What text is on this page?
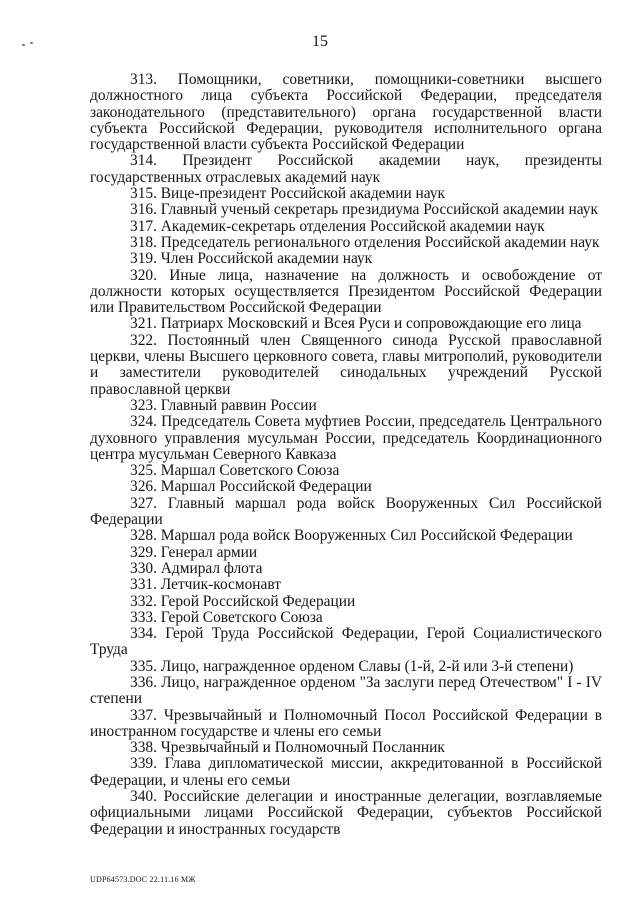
15

313. Помощники, советники, помощники-советники высшего должностного лица субъекта Российской Федерации, председателя законодательного (представительного) органа государственной власти субъекта Российской Федерации, руководителя исполнительного органа государственной власти субъекта Российской Федерации

314. Президент Российской академии наук, президенты государственных отраслевых академий наук

315. Вице-президент Российской академии наук

316. Главный ученый секретарь президиума Российской академии наук

317. Академик-секретарь отделения Российской академии наук

318. Председатель регионального отделения Российской академии наук

319. Член Российской академии наук

320. Иные лица, назначение на должность и освобождение от должности которых осуществляется Президентом Российской Федерации или Правительством Российской Федерации

321. Патриарх Московский и Всея Руси и сопровождающие его лица

322. Постоянный член Священного синода Русской православной церкви, члены Высшего церковного совета, главы митрополий, руководители и заместители руководителей синодальных учреждений Русской православной церкви

323. Главный раввин России

324. Председатель Совета муфтиев России, председатель Центрального духовного управления мусульман России, председатель Координационного центра мусульман Северного Кавказа

325. Маршал Советского Союза

326. Маршал Российской Федерации

327. Главный маршал рода войск Вооруженных Сил Российской Федерации

328. Маршал рода войск Вооруженных Сил Российской Федерации

329. Генерал армии

330. Адмирал флота

331. Летчик-космонавт

332. Герой Российской Федерации

333. Герой Советского Союза

334. Герой Труда Российской Федерации, Герой Социалистического Труда

335. Лицо, награжденное орденом Славы (1-й, 2-й или 3-й степени)

336. Лицо, награжденное орденом "За заслуги перед Отечеством" I - IV степени

337. Чрезвычайный и Полномочный Посол Российской Федерации в иностранном государстве и члены его семьи

338. Чрезвычайный и Полномочный Посланник

339. Глава дипломатической миссии, аккредитованной в Российской Федерации, и члены его семьи

340. Российские делегации и иностранные делегации, возглавляемые официальными лицами Российской Федерации, субъектов Российской Федерации и иностранных государств

UDP64573.DOC 22.11.16 МЖ
